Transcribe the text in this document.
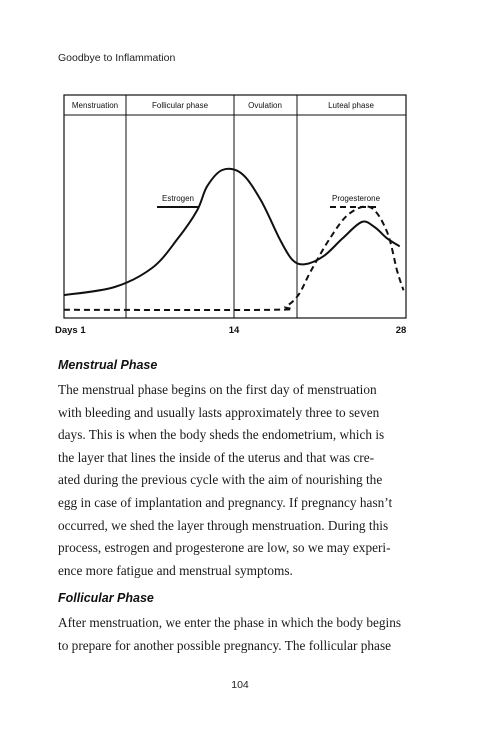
Goodbye to Inflammation
Menstruation	Follicular phase	Ovulation	Luteal phase
Estrogen	Progesterone
Days 1	14	28
Menstrual Phase
The menstrual phase begins on the first day of menstruation
with bleeding and usually lasts approximately three to seven
days. This is when the body sheds the endometrium, which is
the layer that lines the inside of the uterus and that was cre-
ated during the previous cycle with the aim of nourishing the
egg in case of implantation and pregnancy. If pregnancy hasn’t
occurred, we shed the layer through menstruation. During this
process, estrogen and progesterone are low, so we may experi-
ence more fatigue and menstrual symptoms.
Follicular Phase
After menstruation, we enter the phase in which the body begins
to prepare for another possible pregnancy. The follicular phase
104
